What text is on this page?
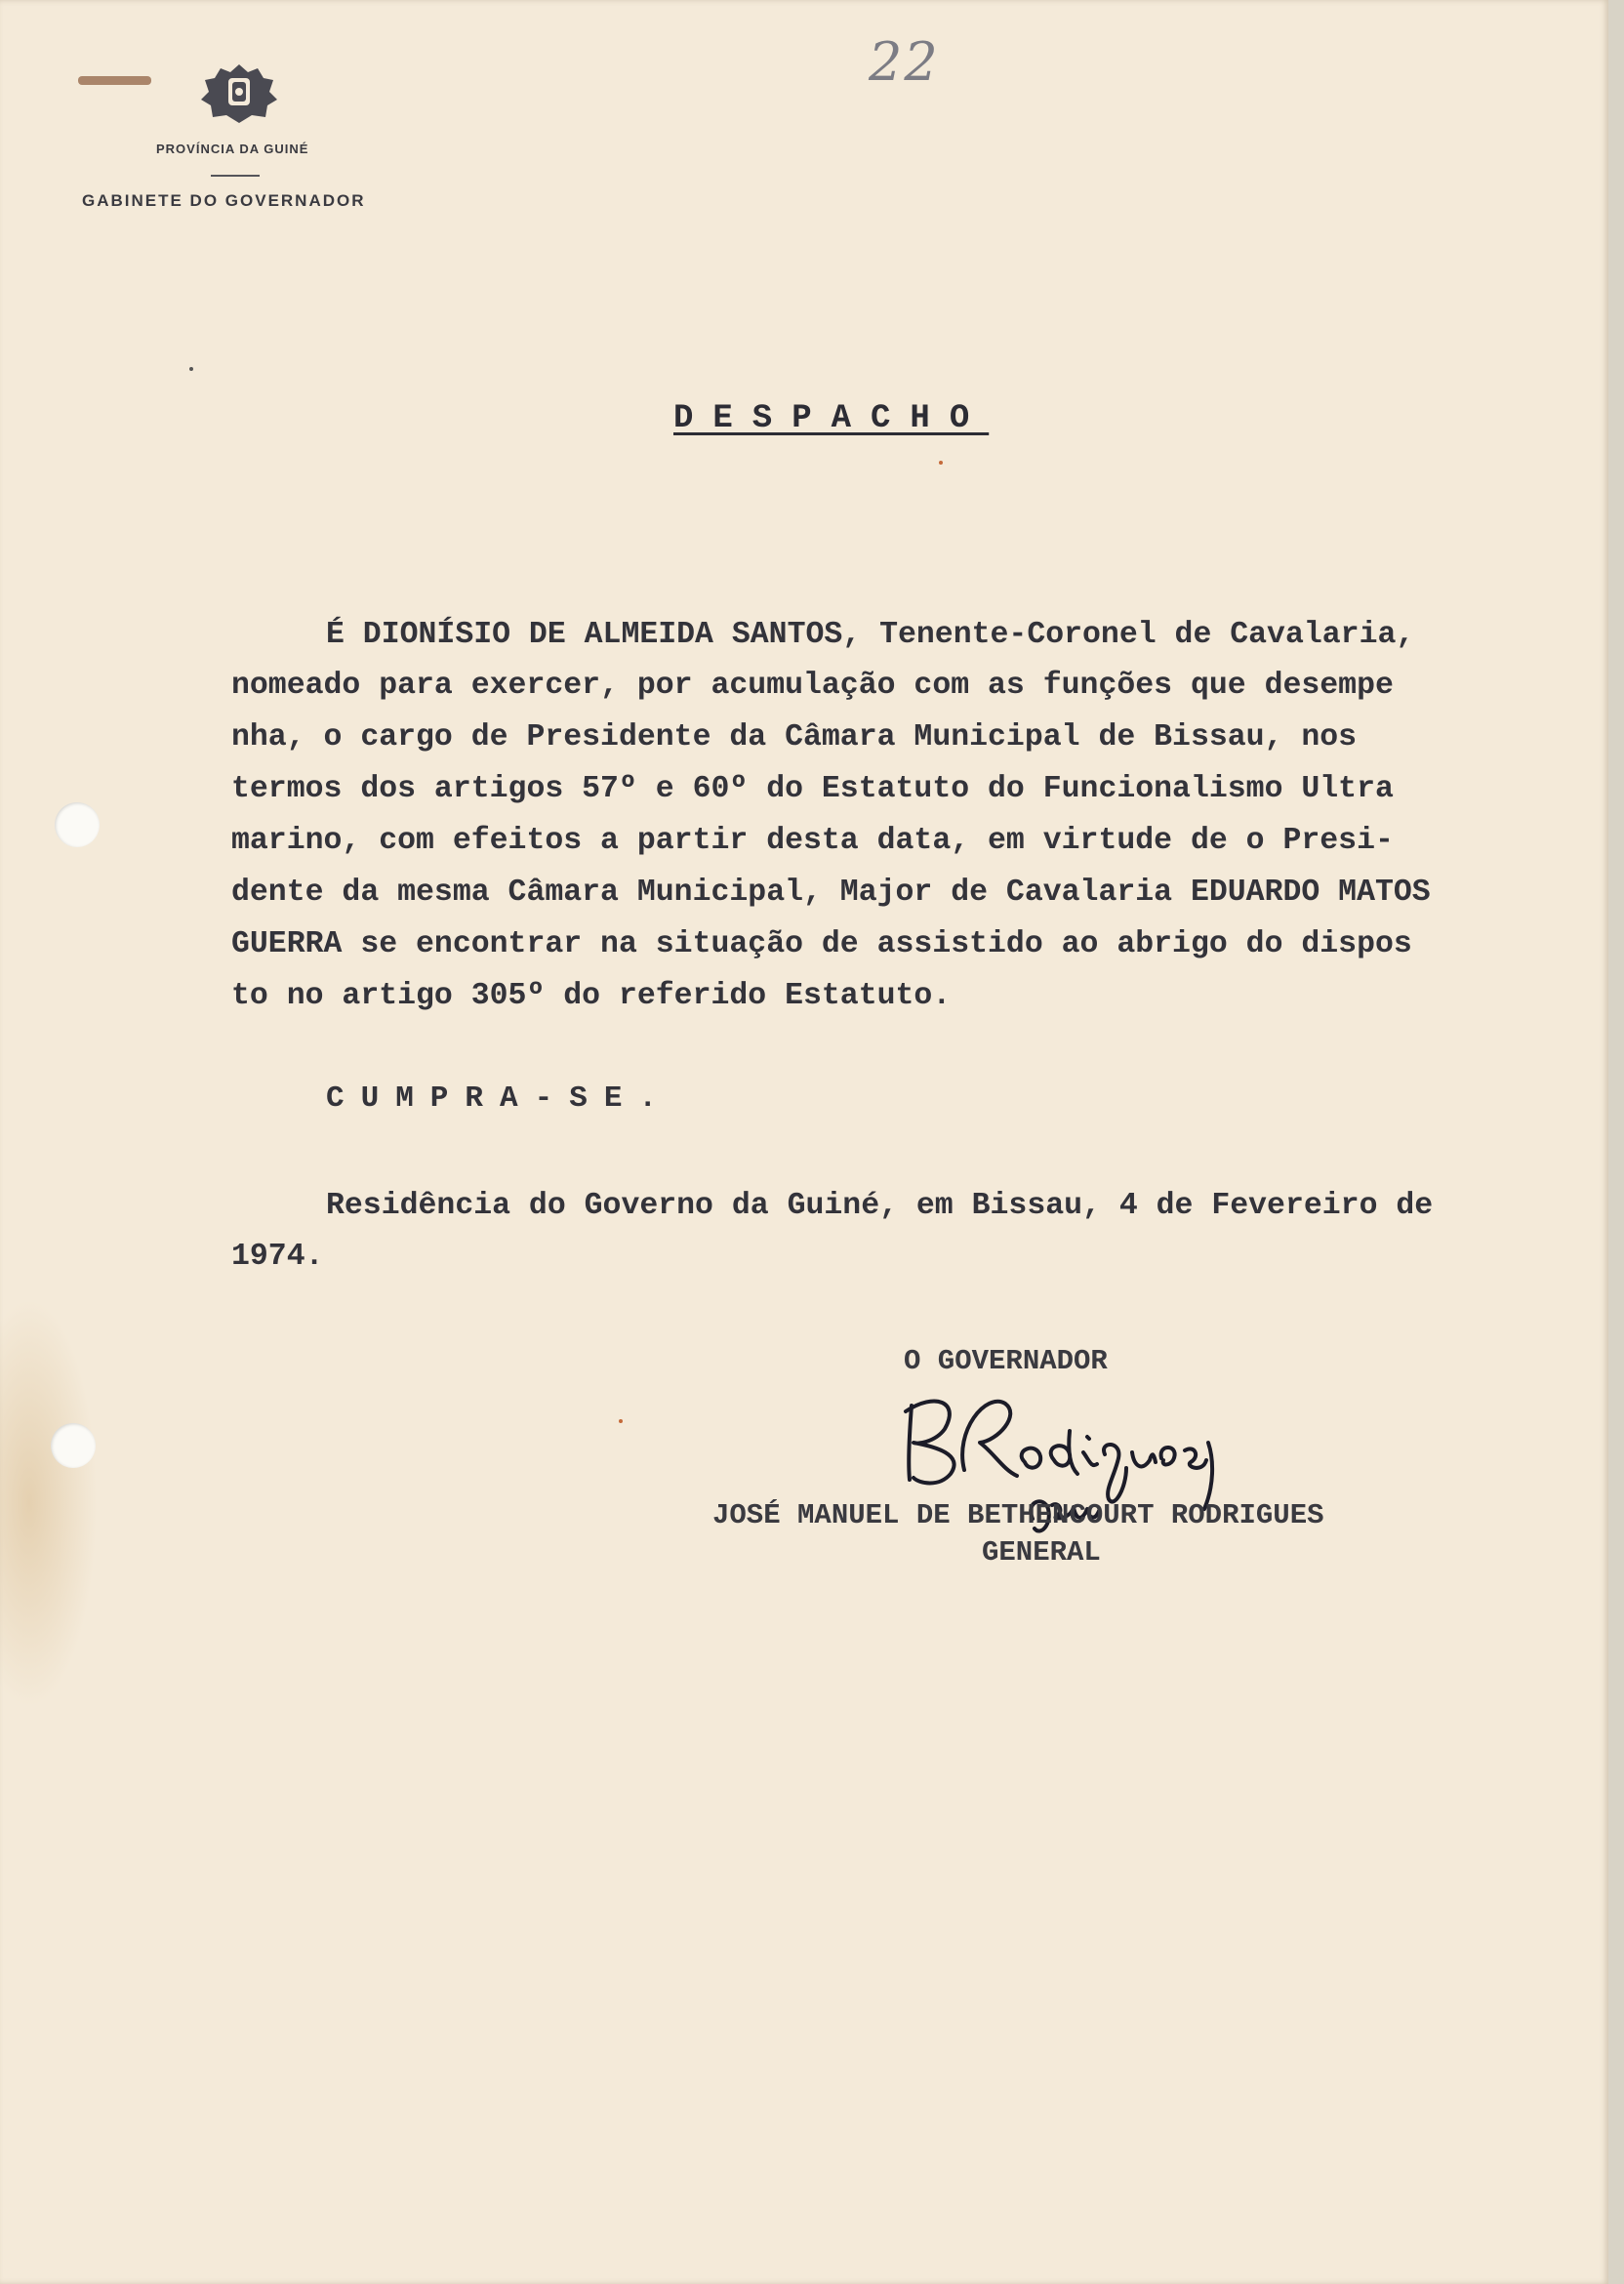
22
PROVÍNCIA DA GUINÉ
GABINETE DO GOVERNADOR
DESPACHO
É DIONÍSIO DE ALMEIDA SANTOS, Tenente-Coronel de Cavalaria,
nomeado para exercer, por acumulação com as funções que desempe
nha, o cargo de Presidente da Câmara Municipal de Bissau, nos
termos dos artigos 57º e 60º do Estatuto do Funcionalismo Ultra
marino, com efeitos a partir desta data, em virtude de o Presi-
dente da mesma Câmara Municipal, Major de Cavalaria EDUARDO MATOS
GUERRA se encontrar na situação de assistido ao abrigo do dispos
to no artigo 305º do referido Estatuto.
CUMPRA-SE.
Residência do Governo da Guiné, em Bissau, 4 de Fevereiro de
1974.
O GOVERNADOR
JOSÉ MANUEL DE BETHENCOURT RODRIGUES
GENERAL
